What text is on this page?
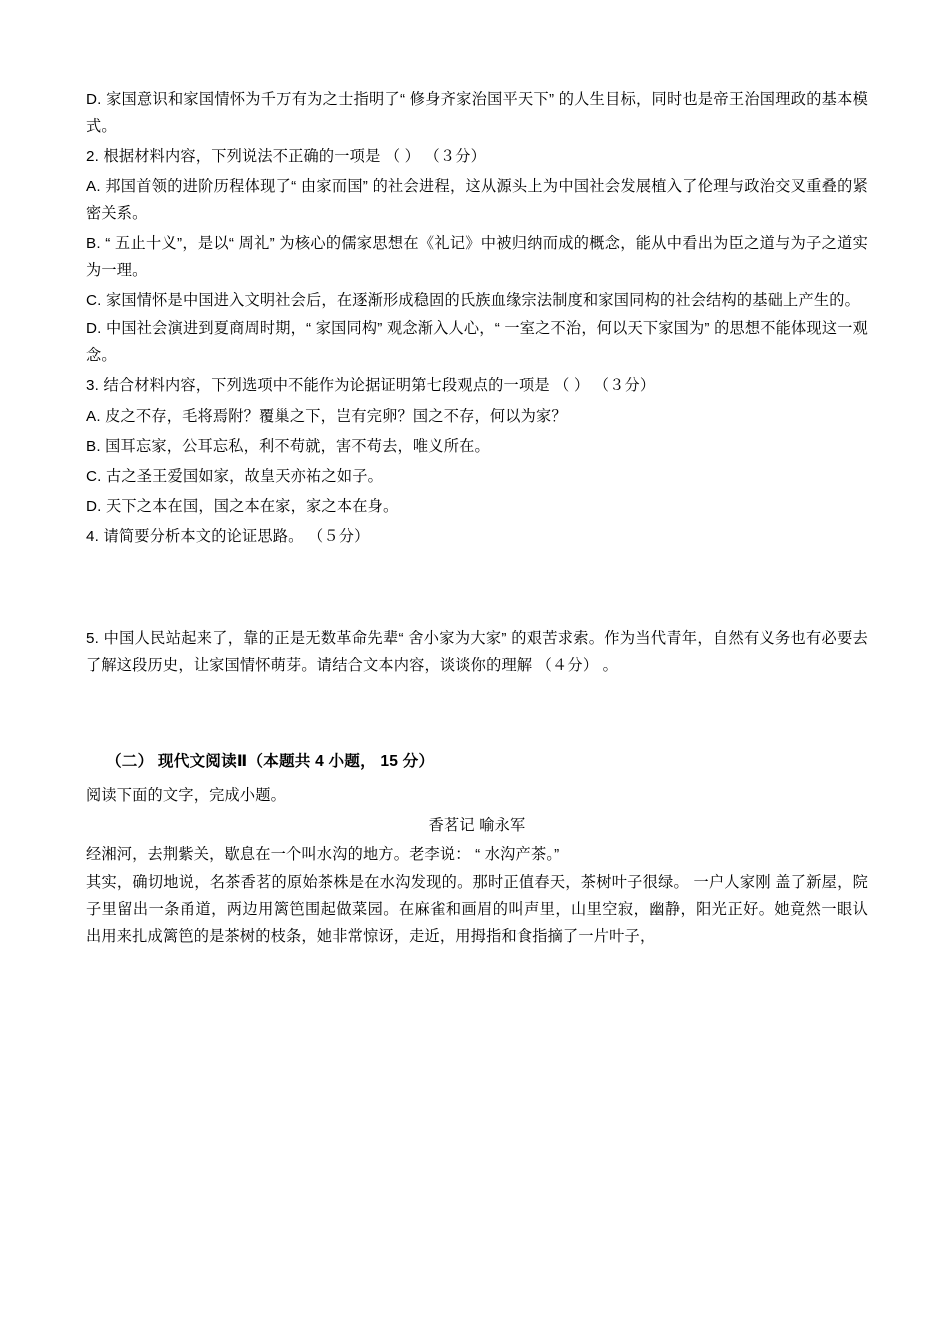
D. 家国意识和家国情怀为千万有为之士指明了“ 修身齐家治国平天下” 的人生目标，同时也是帝王治国理政的基本模式。

2. 根据材料内容，下列说法不正确的一项是 （ ） （３分）

A. 邦国首领的进阶历程体现了“ 由家而国” 的社会进程，这从源头上为中国社会发展植入了伦理与政治交叉重叠的紧密关系。

B. “ 五止十义”，是以“ 周礼” 为核心的儒家思想在《礼记》中被归纳而成的概念，能从中看出为臣之道与为子之道实为一理。

C. 家国情怀是中国进入文明社会后，在逐渐形成稳固的氏族血缘宗法制度和家国同构的社会结构的基础上产生的。

D. 中国社会演进到夏商周时期，“ 家国同构” 观念渐入人心，“ 一室之不治，何以天下家国为” 的思想不能体现这一观念。

3. 结合材料内容，下列选项中不能作为论据证明第七段观点的一项是 （ ） （３分）

A. 皮之不存，毛将焉附？覆巢之下，岂有完卵？国之不存，何以为家？

B. 国耳忘家，公耳忘私，利不苟就，害不苟去，唯义所在。

C. 古之圣王爱国如家，故皇天亦祐之如子。

D. 天下之本在国，国之本在家，家之本在身。

4. 请简要分析本文的论证思路。 （５分）

5. 中国人民站起来了，靠的正是无数革命先辈“ 舍小家为大家” 的艰苦求索。作为当代青年，自然有义务也有必要去了解这段历史，让家国情怀萌芽。请结合文本内容，谈谈你的理解 （４分） 。

（二） 现代文阅读Ⅱ（本题共 4 小题， 15 分）

阅读下面的文字，完成小题。

香茗记 喻永军

经湘河，去荆紫关，歇息在一个叫水沟的地方。老李说： “ 水沟产茶。”

其实，确切地说，名茶香茗的原始茶株是在水沟发现的。那时正值春天，茶树叶子很绿。 一户人家刚 盖了新屋，院子里留出一条甬道，两边用篱笆围起做菜园。在麻雀和画眉的叫声里，山里空寂，幽静，阳光正好。她竟然一眼认出用来扎成篱笆的是茶树的枝条，她非常惊讶，走近，用拇指和食指摘了一片叶子，
